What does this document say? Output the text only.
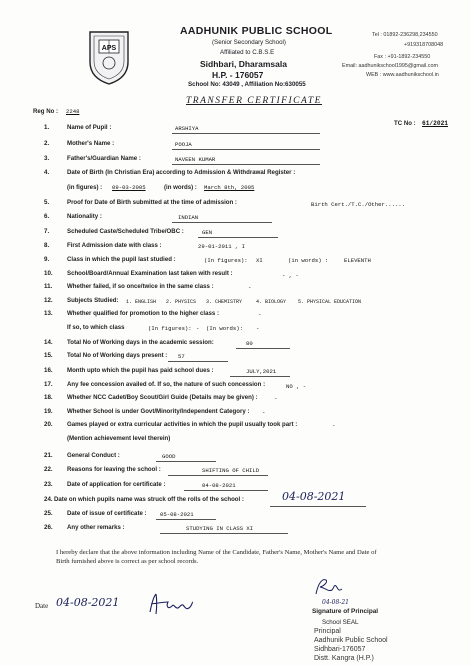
APS
AADHUNIK PUBLIC SCHOOL
(Senior Secondary School)
Affiliated to C.B.S.E
Sidhbari, Dharamsala
H.P. - 176057
School No: 43049 , Affiliation No:630055
Tel : 01892-236298,234550
+919318708048
Fax : +91-1892-234550
Email: aadhunikschool1995@gmail.com
WEB : www.aadhunikschool.in
TRANSFER CERTIFICATE
Reg No : 2248
TC No : 61/2021
1.	Name of Pupil :	ARSHIYA
2.	Mother's Name :	POOJA
3.	Father's/Guardian Name :	NAVEEN KUMAR
4.	Date of Birth (In Christian Era) according to Admission & Withdrawal Register :
(in figures) : 09-03-2005	(in words) : March 8th, 2005
5.	Proof for Date of Birth submitted at the time of admission :	Birth Cert./T.C./Other......
6.	Nationality :	INDIAN
7.	Scheduled Caste/Scheduled Tribe/OBC :	GEN
8.	First Admission date with class :	29-01-2011 , I
9.	Class in which the pupil last studied :	(In figures): XI	(in words) :	ELEVENTH
10. School/Board/Annual Examination last taken with result :	- , -
11. Whether failed, if so once/twice in the same class :	-
12. Subjects Studied: 1. ENGLISH 2. PHYSICS 3. CHEMISTRY	4. BIOLOGY 5. PHYSICAL EDUCATION
13. Whether qualified for promotion to the higher class :	-
If so, to which class	(In figures): - (In words): -
14. Total No of Working days in the academic session:	80
15. Total No of Working days present : 57
16. Month upto which the pupil has paid school dues :	JULY,2021
17. Any fee concession availed of. If so, the nature of such concession :	NO , -
18. Whether NCC Cadet/Boy Scout/Girl Guide (Details may be given) :	-
19. Whether School is under Govt/Minority/Independent Category : -
20. Games played or extra curricular activities in which the pupil usually took part :	-
(Mention achievement level therein)
21. General Conduct :	GOOD
22. Reasons for leaving the school :	SHIFTING OF CHILD
23. Date of application for certificate :	04-08-2021
24. Date on which pupils name was struck off the rolls of the school :	04-08-2021
25. Date of issue of certificate : 05-08-2021
26. Any other remarks :	STUDYING IN CLASS XI
I hereby declare that the above information including Name of the Candidate, Father's Name, Mother's Name and Date of
Birth furnished above is correct as per school records.
Date 04-08-2021	04-08-21
Signature of Principal
School SEAL
Principal
Aadhunik Public School
Sidhbari-176057
Distt. Kangra (H.P.)
